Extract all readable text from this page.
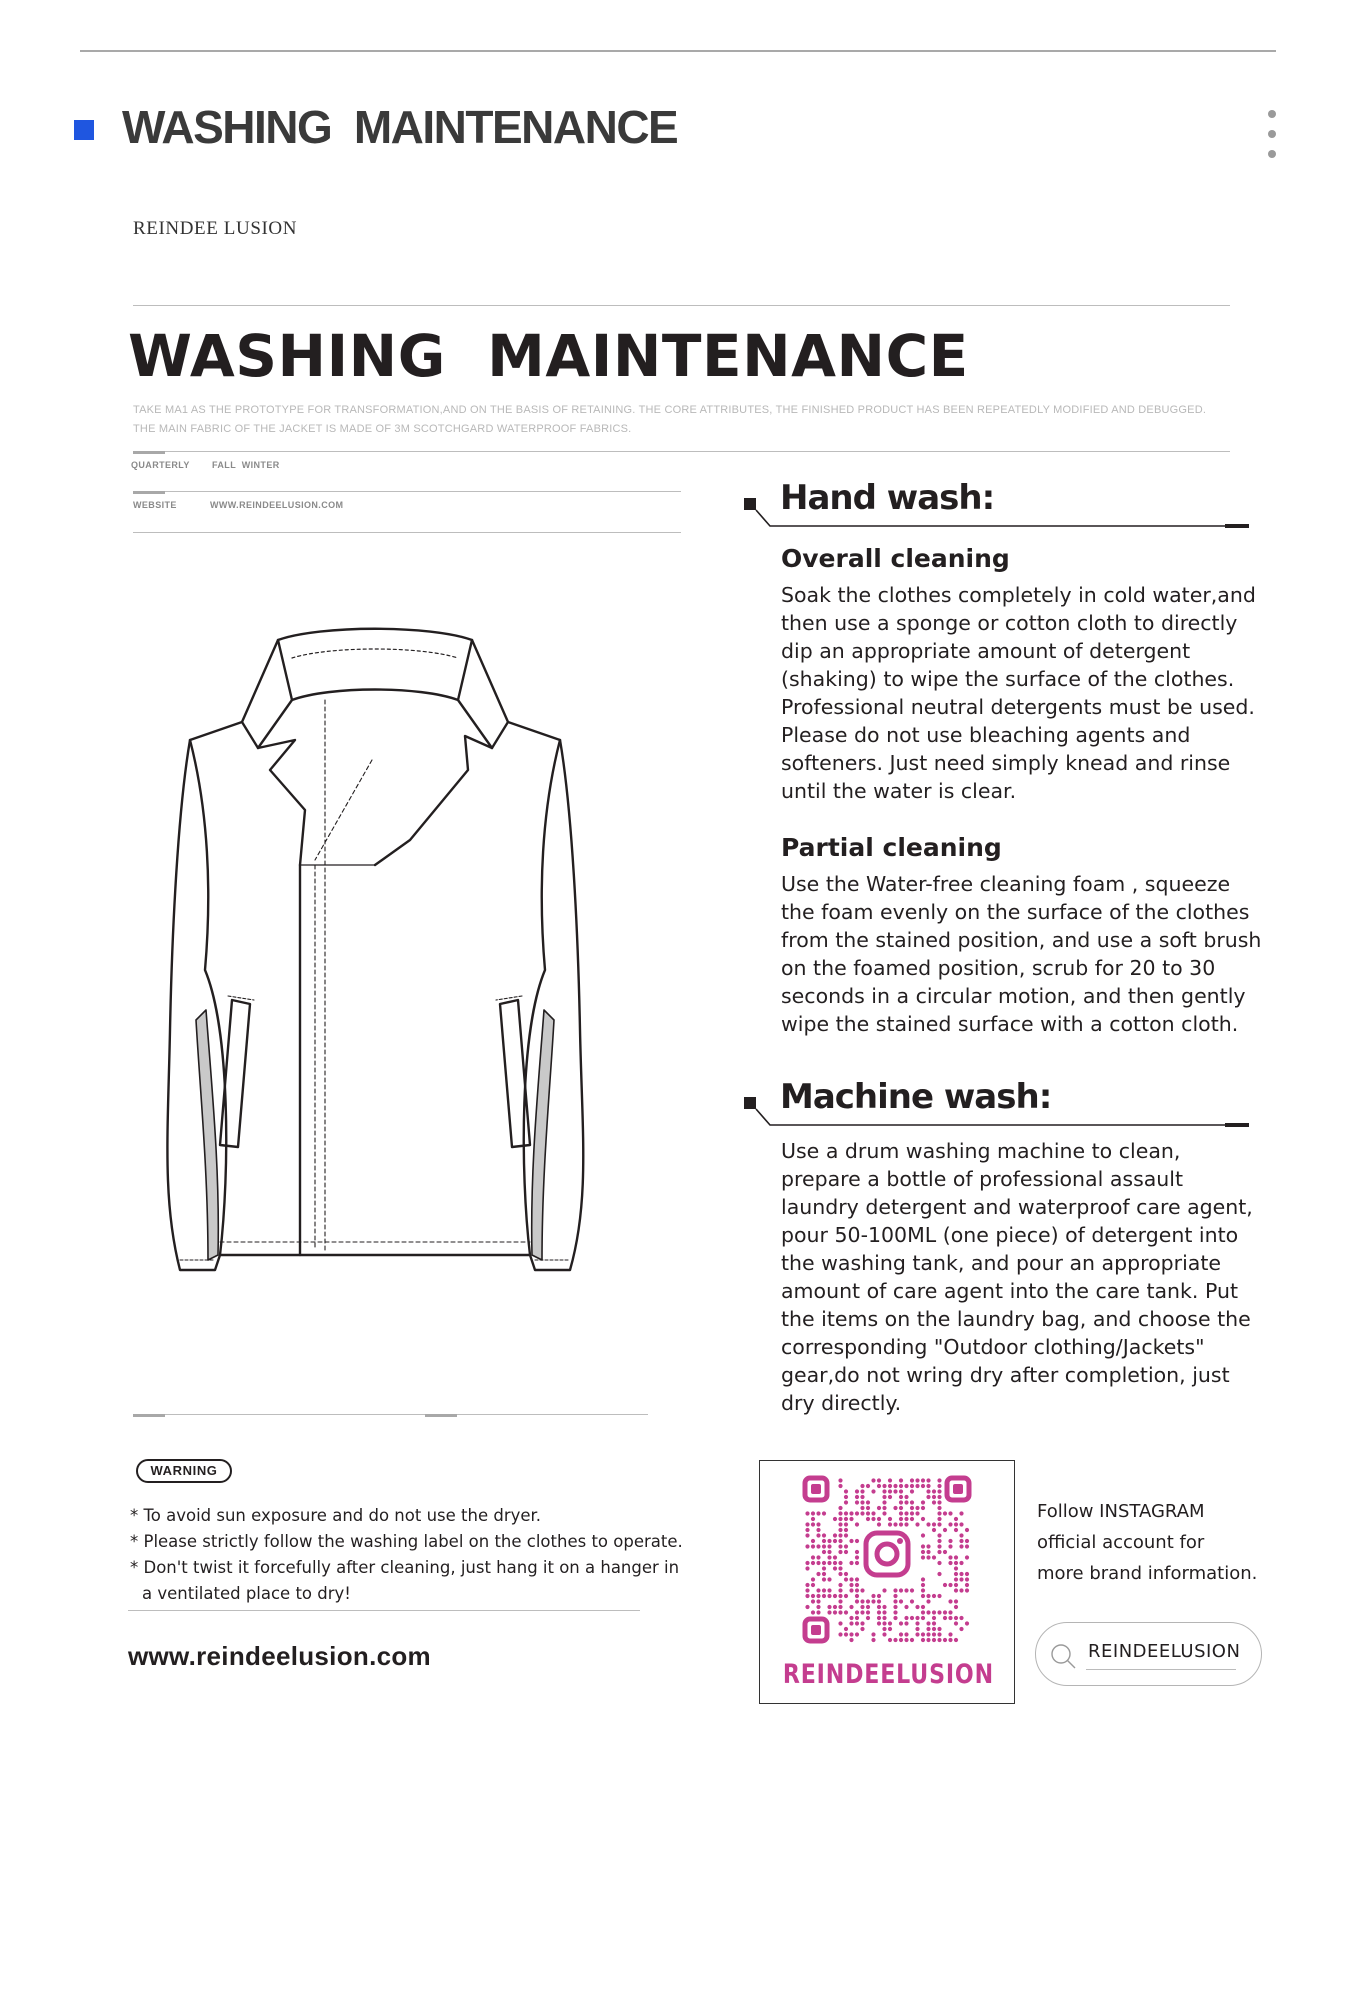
WASHING  MAINTENANCE
REINDEE LUSION
WASHING  MAINTENANCE
TAKE MA1 AS THE PROTOTYPE FOR TRANSFORMATION,AND ON THE BASIS OF RETAINING. THE CORE ATTRIBUTES, THE FINISHED PRODUCT HAS BEEN REPEATEDLY MODIFIED AND DEBUGGED.
THE MAIN FABRIC OF THE JACKET IS MADE OF 3M SCOTCHGARD WATERPROOF FABRICS.
QUARTERLY FALL  WINTER
WEBSITE	WWW.REINDEELUSION.COM
WARNING
* To avoid sun exposure and do not use the dryer.
* Please strictly follow the washing label on the clothes to operate.
* Don't twist it forcefully after cleaning, just hang it on a hanger in a ventilated place to dry!
www.reindeelusion.com
Hand wash:
Overall cleaning
Soak the clothes completely in cold water,and
then use a sponge or cotton cloth to directly
dip an appropriate amount of detergent
(shaking) to wipe the surface of the clothes.
Professional neutral detergents must be used.
Please do not use bleaching agents and
softeners. Just need simply knead and rinse
until the water is clear.
Partial cleaning
Use the Water-free cleaning foam , squeeze
the foam evenly on the surface of the clothes
from the stained position, and use a soft brush
on the foamed position, scrub for 20 to 30
seconds in a circular motion, and then gently
wipe the stained surface with a cotton cloth.
Machine wash:
Use a drum washing machine to clean,
prepare a bottle of professional assault
laundry detergent and waterproof care agent,
pour 50-100ML (one piece) of detergent into
the washing tank, and pour an appropriate
amount of care agent into the care tank. Put
the items on the laundry bag, and choose the
corresponding "Outdoor clothing/Jackets"
gear,do not wring dry after completion, just
dry directly.
REINDEELUSION
Follow INSTAGRAM
official account for
more brand information.
REINDEELUSION
